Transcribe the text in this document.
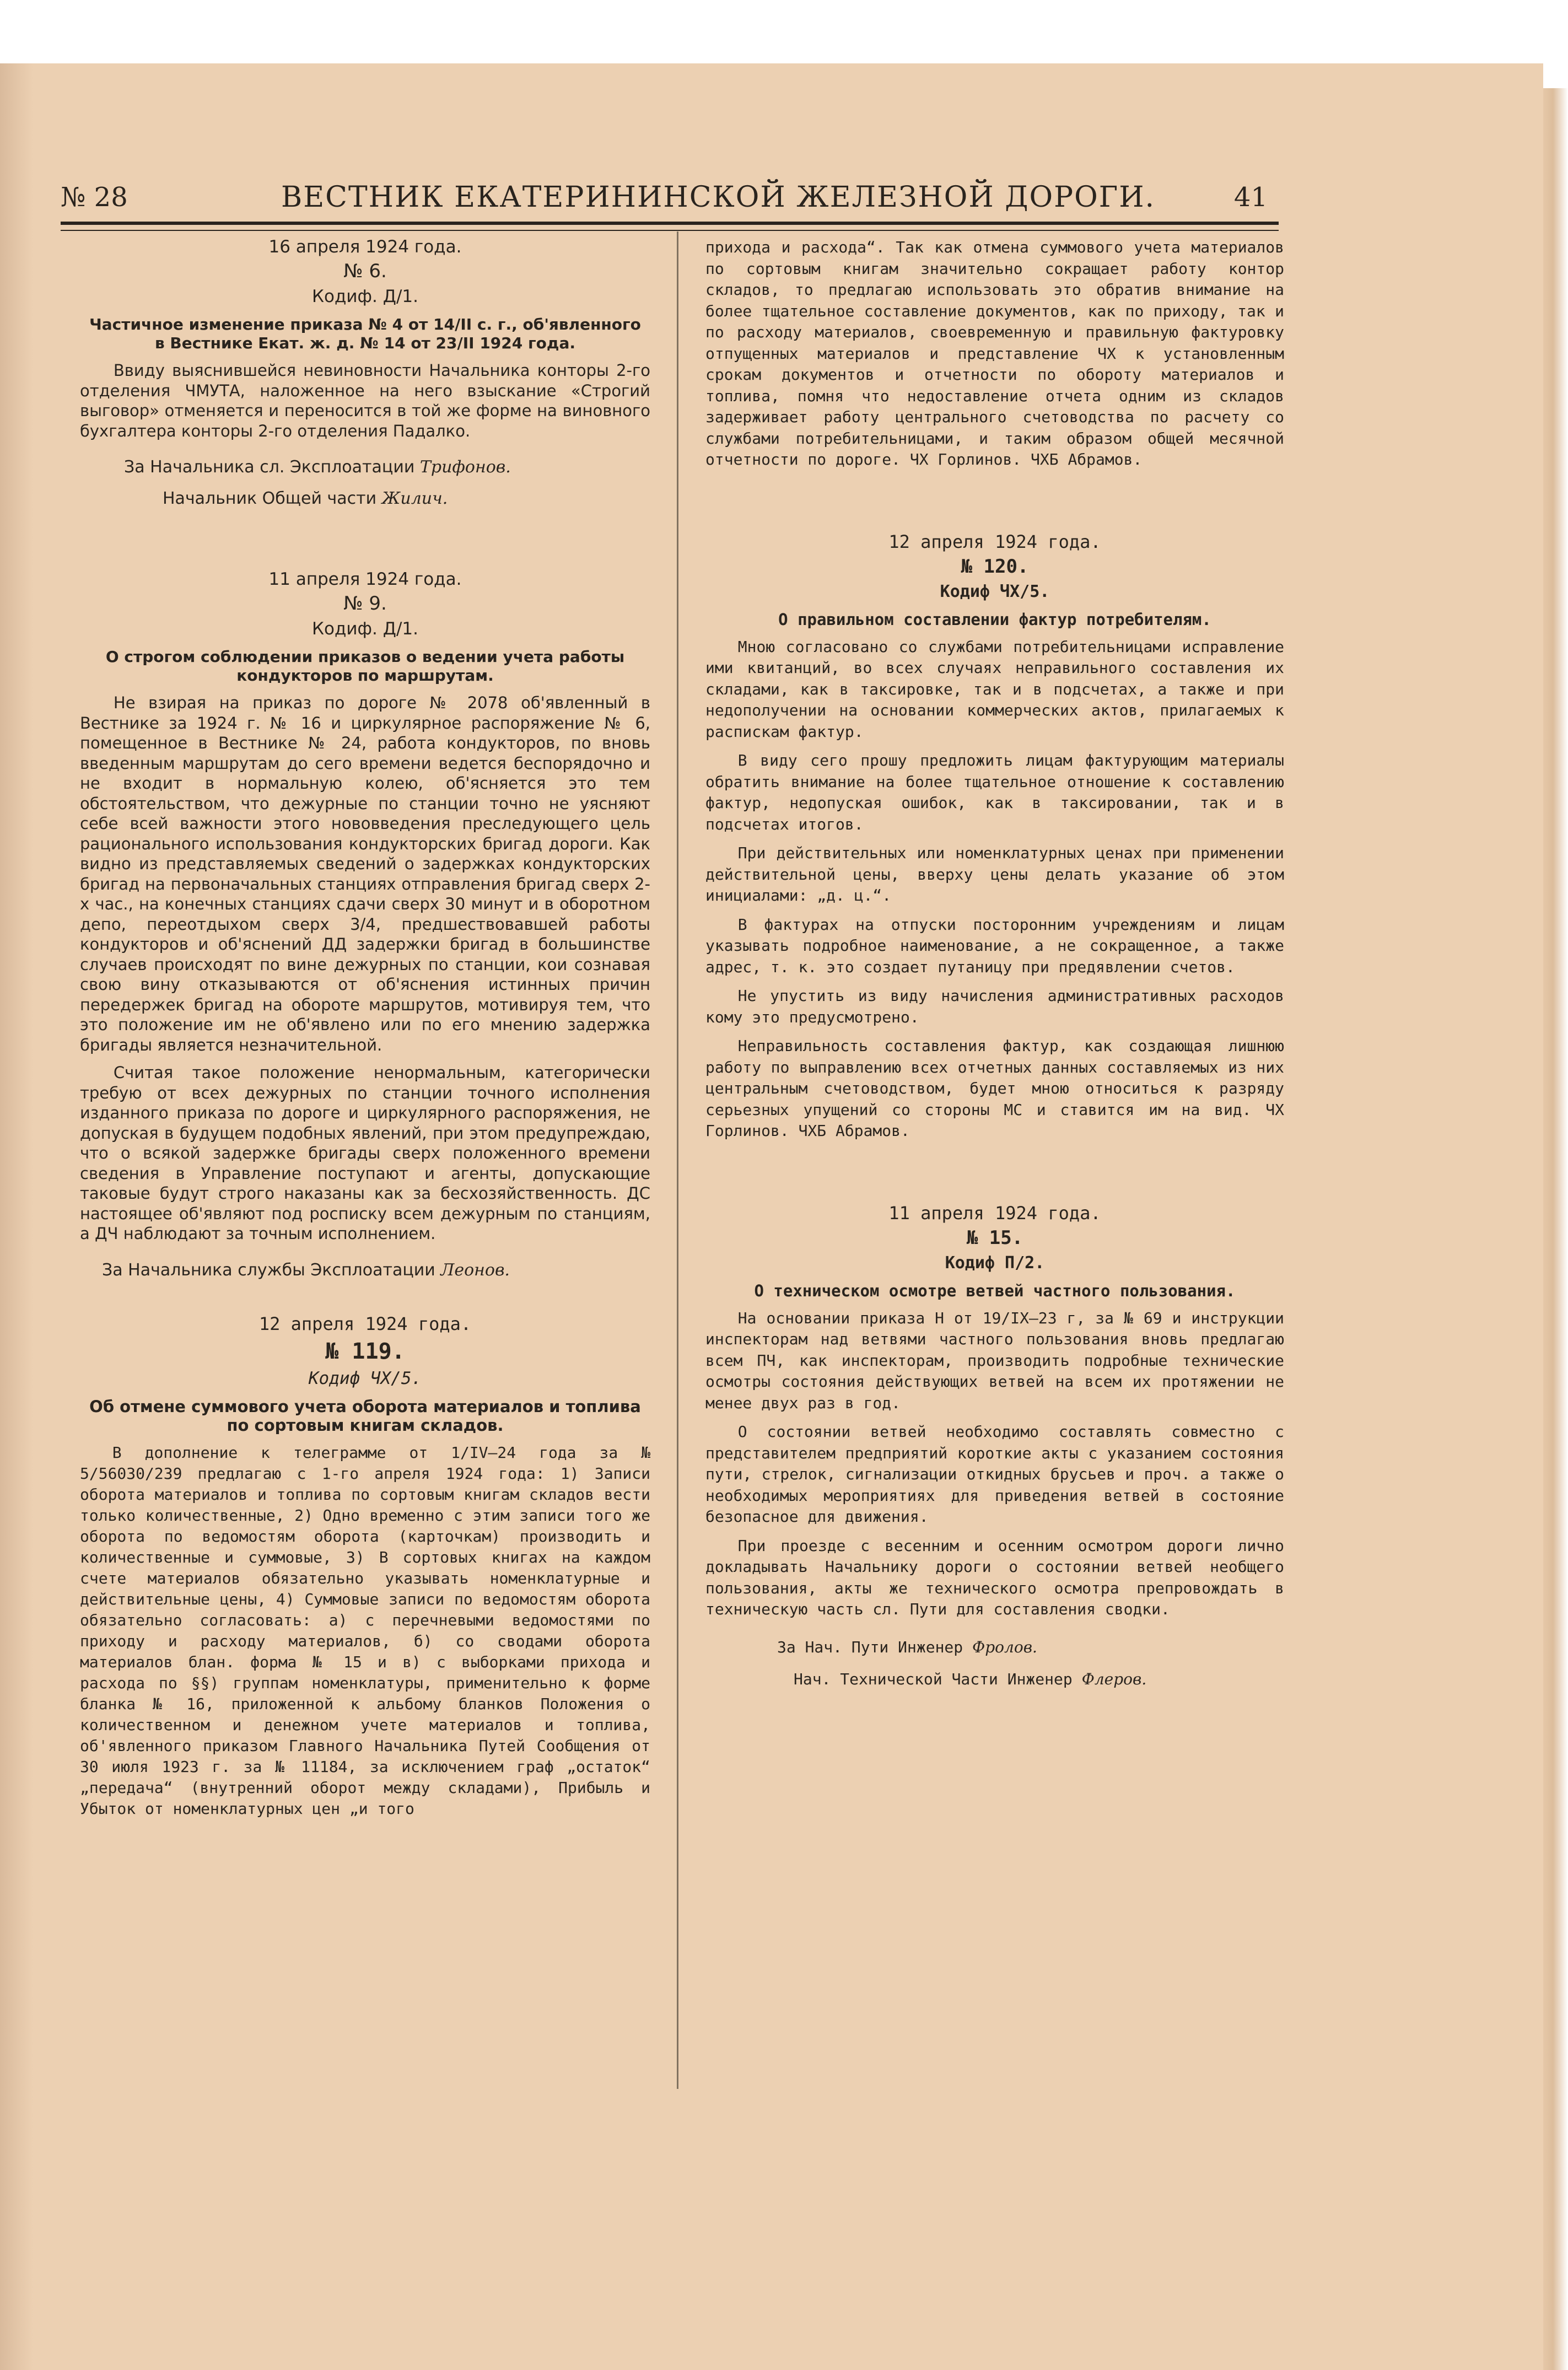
№ 28	ВЕСТНИК ЕКАТЕРИНИНСКОЙ ЖЕЛЕЗНОЙ ДОРОГИ.	41

16 апреля 1924 года.

№ 6.

Кодиф. Д/1.

Частичное изменение приказа № 4 от 14/II с. г., об'явленного в Вестнике Екат. ж. д. № 14 от 23/II 1924 года.

Ввиду выяснившейся невиновности Начальника конторы 2-го отделения ЧМУТА, наложенное на него взыскание «Строгий выговор» отменяется и переносится в той же форме на виновного бухгалтера конторы 2-го отделения Падалко.

За Начальника сл. Эксплоатации Трифонов.

Начальник Общей части Жилич.

11 апреля 1924 года.

№ 9.

Кодиф. Д/1.

О строгом соблюдении приказов о ведении учета работы кондукторов по маршрутам.

Не взирая на приказ по дороге № 2078 об'явленный в Вестнике за 1924 г. № 16 и циркулярное распоряжение № 6, помещенное в Вестнике № 24, работа кондукторов, по вновь введенным маршрутам до сего времени ведется беспорядочно и не входит в нормальную колею, об'ясняется это тем обстоятельством, что дежурные по станции точно не уясняют себе всей важности этого нововведения преследующего цель рационального использования кондукторских бригад дороги. Как видно из представляемых сведений о задержках кондукторских бригад на первоначальных станциях отправления бригад сверх 2-х час., на конечных станциях сдачи сверх 30 минут и в оборотном депо, переотдыхом сверх 3/4, предшествовавшей работы кондукторов и об'яснений ДД задержки бригад в большинстве случаев происходят по вине дежурных по станции, кои сознавая свою вину отказываются от об'яснения истинных причин передержек бригад на обороте маршрутов, мотивируя тем, что это положение им не об'явлено или по его мнению задержка бригады является незначительной.

Считая такое положение ненормальным, категорически требую от всех дежурных по станции точного исполнения изданного приказа по дороге и циркулярного распоряжения, не допуская в будущем подобных явлений, при этом предупреждаю, что о всякой задержке бригады сверх положенного времени сведения в Управление поступают и агенты, допускающие таковые будут строго наказаны как за бесхозяйственность. ДС настоящее об'являют под росписку всем дежурным по станциям, а ДЧ наблюдают за точным исполнением.

За Начальника службы Эксплоатации Леонов.

12 апреля 1924 года.

№ 119.

Кодиф ЧХ/5.

Об отмене суммового учета оборота материалов и топлива по сортовым книгам складов.

В дополнение к телеграмме от 1/IV—24 года за № 5/56030/239 предлагаю с 1-го апреля 1924 года: 1) Записи оборота материалов и топлива по сортовым книгам складов вести только количественные, 2) Одно временно с этим записи того же оборота по ведомостям оборота (карточкам) производить и количественные и суммовые, 3) В сортовых книгах на каждом счете материалов обязательно указывать номенклатурные и действительные цены, 4) Суммовые записи по ведомостям оборота обязательно согласовать: а) с перечневыми ведомостями по приходу и расходу материалов, б) со сводами оборота материалов блан. форма № 15 и в) с выборками прихода и расхода по §§) группам номенклатуры, применительно к форме бланка № 16, приложенной к альбому бланков Положения о количественном и денежном учете материалов и топлива, об'явленного приказом Главного Начальника Путей Сообщения от 30 июля 1923 г. за № 11184, за исключением граф „остаток“ „передача“ (внутренний оборот между складами), Прибыль и Убыток от номенклатурных цен „и того

прихода и расхода“. Так как отмена суммового учета материалов по сортовым книгам значительно сокращает работу контор складов, то предлагаю использовать это обратив внимание на более тщательное составление документов, как по приходу, так и по расходу материалов, своевременную и правильную фактуровку отпущенных материалов и представление ЧХ к установленным срокам документов и отчетности по обороту материалов и топлива, помня что недоставление отчета одним из складов задерживает работу центрального счетоводства по расчету со службами потребительницами, и таким образом общей месячной отчетности по дороге. ЧХ Горлинов. ЧХБ Абрамов.

12 апреля 1924 года.

№ 120.

Кодиф ЧХ/5.

О правильном составлении фактур потребителям.

Мною согласовано со службами потребительницами исправление ими квитанций, во всех случаях неправильного составления их складами, как в таксировке, так и в подсчетах, а также и при недополучении на основании коммерческих актов, прилагаемых к распискам фактур.

В виду сего прошу предложить лицам фактурующим материалы обратить внимание на более тщательное отношение к составлению фактур, недопуская ошибок, как в таксировании, так и в подсчетах итогов.

При действительных или номенклатурных ценах при применении действительной цены, вверху цены делать указание об этом инициалами: „д. ц.“.

В фактурах на отпуски посторонним учреждениям и лицам указывать подробное наименование, а не сокращенное, а также адрес, т. к. это создает путаницу при предявлении счетов.

Не упустить из виду начисления административных расходов кому это предусмотрено.

Неправильность составления фактур, как создающая лишнюю работу по выправлению всех отчетных данных составляемых из них центральным счетоводством, будет мною относиться к разряду серьезных упущений со стороны МС и ставится им на вид. ЧХ Горлинов. ЧХБ Абрамов.

11 апреля 1924 года.

№ 15.

Кодиф П/2.

О техническом осмотре ветвей частного пользования.

На основании приказа Н от 19/IX—23 г, за № 69 и инструкции инспекторам над ветвями частного пользования вновь предлагаю всем ПЧ, как инспекторам, производить подробные технические осмотры состояния действующих ветвей на всем их протяжении не менее двух раз в год.

О состоянии ветвей необходимо составлять совместно с представителем предприятий короткие акты с указанием состояния пути, стрелок, сигнализации откидных брусьев и проч. а также о необходимых мероприятиях для приведения ветвей в состояние безопасное для движения.

При проезде с весенним и осенним осмотром дороги лично докладывать Начальнику дороги о состоянии ветвей необщего пользования, акты же технического осмотра препровождать в техническую часть сл. Пути для составления сводки.

За Нач. Пути Инженер Фролов.

Нач. Технической Части Инженер Флеров.
